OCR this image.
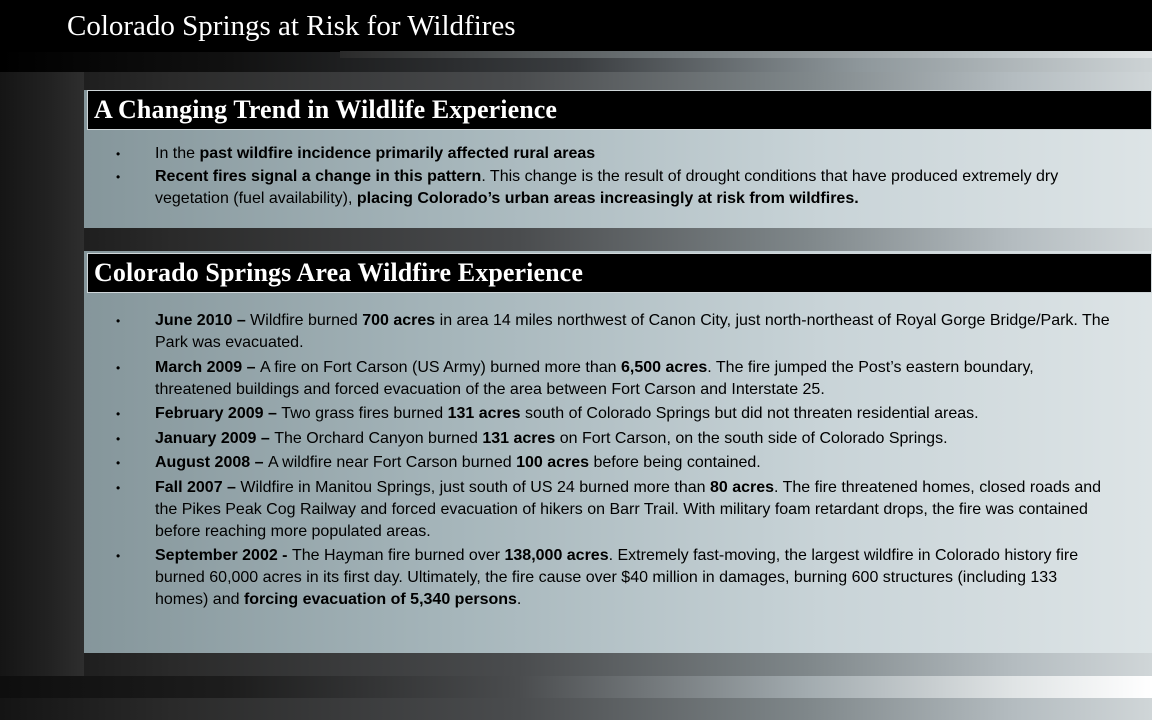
Colorado Springs at Risk for Wildfires
A Changing Trend in Wildlife Experience
• In the past wildfire incidence primarily affected rural areas
• Recent fires signal a change in this pattern. This change is the result of drought conditions that have produced extremely dry vegetation (fuel availability), placing Colorado’s urban areas increasingly at risk from wildfires.
Colorado Springs Area Wildfire Experience
• June 2010 – Wildfire burned 700 acres in area 14 miles northwest of Canon City, just north-northeast of Royal Gorge Bridge/Park. The Park was evacuated.
• March 2009 – A fire on Fort Carson (US Army) burned more than 6,500 acres. The fire jumped the Post’s eastern boundary, threatened buildings and forced evacuation of the area between Fort Carson and Interstate 25.
• February 2009 – Two grass fires burned 131 acres south of Colorado Springs but did not threaten residential areas.
• January 2009 – The Orchard Canyon burned 131 acres on Fort Carson, on the south side of Colorado Springs.
• August 2008 – A wildfire near Fort Carson burned 100 acres before being contained.
• Fall 2007 – Wildfire in Manitou Springs, just south of US 24 burned more than 80 acres. The fire threatened homes, closed roads and the Pikes Peak Cog Railway and forced evacuation of hikers on Barr Trail. With military foam retardant drops, the fire was contained before reaching more populated areas.
• September 2002 - The Hayman fire burned over 138,000 acres. Extremely fast-moving, the largest wildfire in Colorado history fire burned 60,000 acres in its first day. Ultimately, the fire cause over $40 million in damages, burning 600 structures (including 133 homes) and forcing evacuation of 5,340 persons.
